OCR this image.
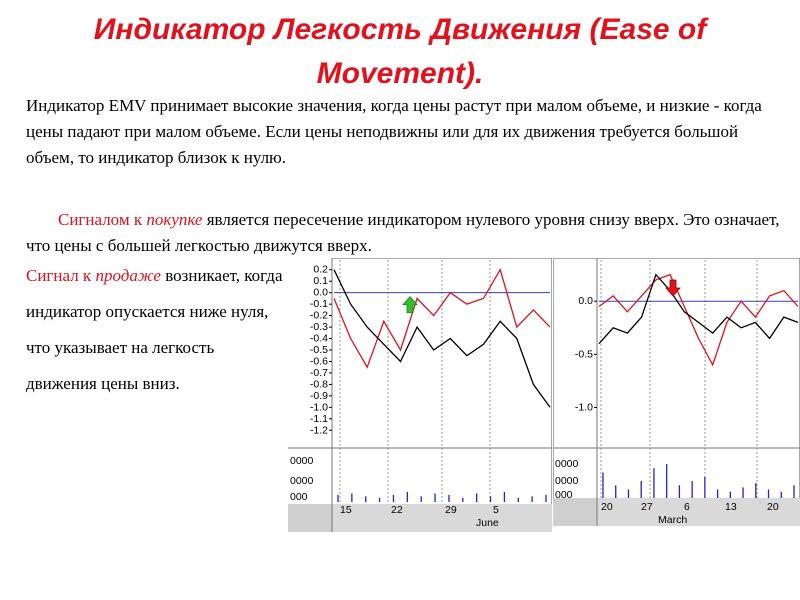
Индикатор Легкость Движения (Ease of Movement).
Индикатор EMV принимает высокие значения, когда цены растут при малом объеме, и низкие - когда цены падают при малом объеме. Если цены неподвижны или для их движения требуется большой объем, то индикатор близок к нулю.
Сигналом к покупке является пересечение индикатором нулевого уровня снизу вверх. Это означает, что цены с большей легкостью движутся вверх.
Сигнал к продаже возникает, когда индикатор опускается ниже нуля, что указывает на легкость движения цены вниз.
0.2
0.1
0.0
-0.1
-0.2
-0.3
-0.4
-0.5
-0.6
-0.7
-0.8
-0.9
-1.0
-1.1
-1.2
0000
0000
000
15	22	29	5
June
0.0
-0.5
-1.0
0000
0000
000
20	27	6	13	20
March
